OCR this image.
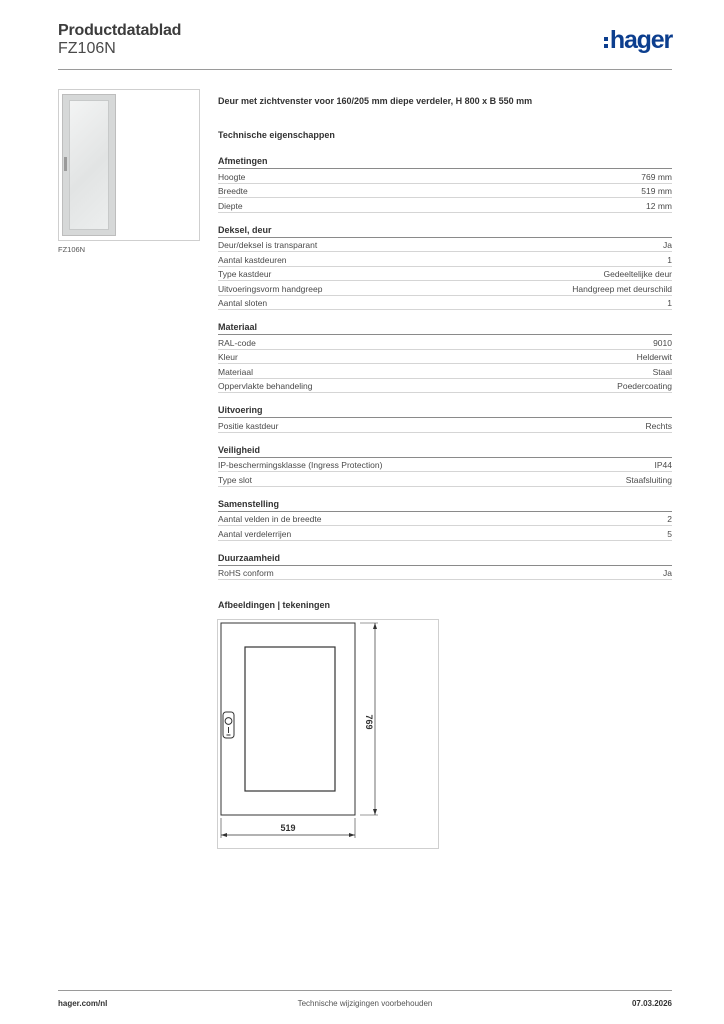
Productdatablad
FZ106N	hager
FZ106N
Deur met zichtvenster voor 160/205 mm diepe verdeler, H 800 x B 550 mm
Technische eigenschappen
Afmetingen
Hoogte	769 mm
Breedte	519 mm
Diepte	12 mm
Deksel, deur
Deur/deksel is transparant	Ja
Aantal kastdeuren	1
Type kastdeur	Gedeeltelijke deur
Uitvoeringsvorm handgreep	Handgreep met deurschild
Aantal sloten	1
Materiaal
RAL-code	9010
Kleur	Helderwit
Materiaal	Staal
Oppervlakte behandeling	Poedercoating
Uitvoering
Positie kastdeur	Rechts
Veiligheid
IP-beschermingsklasse (Ingress Protection)	IP44
Type slot	Staafsluiting
Samenstelling
Aantal velden in de breedte	2
Aantal verdelerrijen	5
Duurzaamheid
RoHS conform	Ja
Afbeeldingen | tekeningen
769
519
hager.com/nl	Technische wijzigingen voorbehouden	07.03.2026
